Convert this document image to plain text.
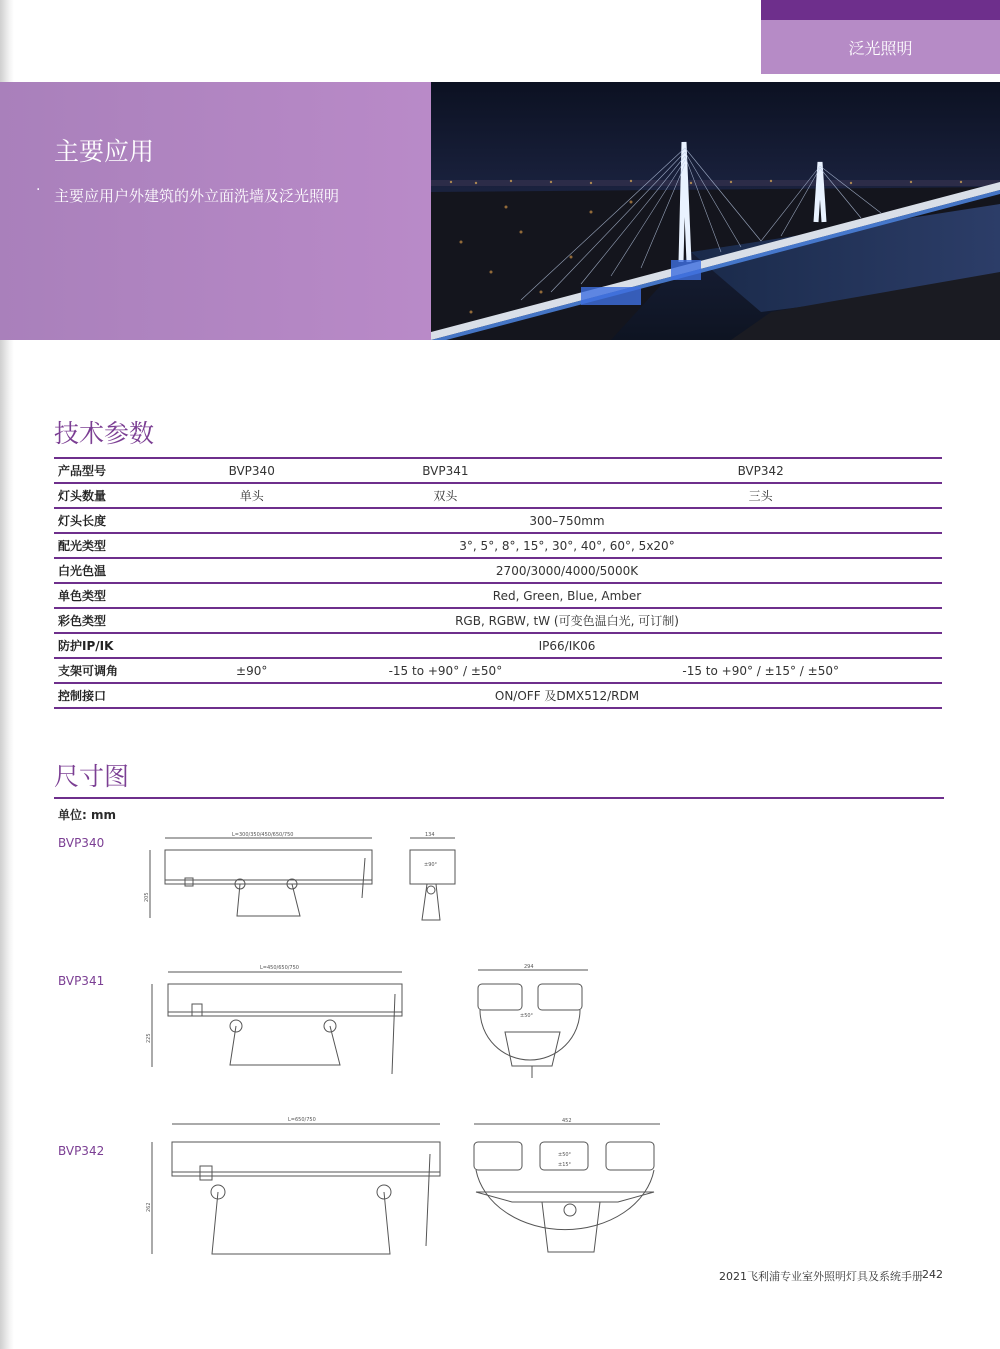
泛光照明
主要应用
· 主要应用户外建筑的外立面洗墙及泛光照明
技术参数
产品型号	BVP340	BVP341	BVP342
灯头数量	单头	双头	三头
灯头长度	300–750mm		
配光类型	3°, 5°, 8°, 15°, 30°, 40°, 60°, 5x20°		
白光色温	2700/3000/4000/5000K		
单色类型	Red, Green, Blue, Amber		
彩色类型	RGB, RGBW, tW (可变色温白光, 可订制)		
防护IP/IK	IP66/IK06		
支架可调角	±90°	-15 to +90° / ±50°	-15 to +90° / ±15° / ±50°
控制接口	ON/OFF 及DMX512/RDM		
尺寸图
单位: mm
BVP340
BVP341
BVP342
L=300/350/450/650/750
205
134
±90°
L=450/650/750
225
294
±50°
L=650/750
262
452
±50°
±15°
2021飞利浦专业室外照明灯具及系统手册 242
